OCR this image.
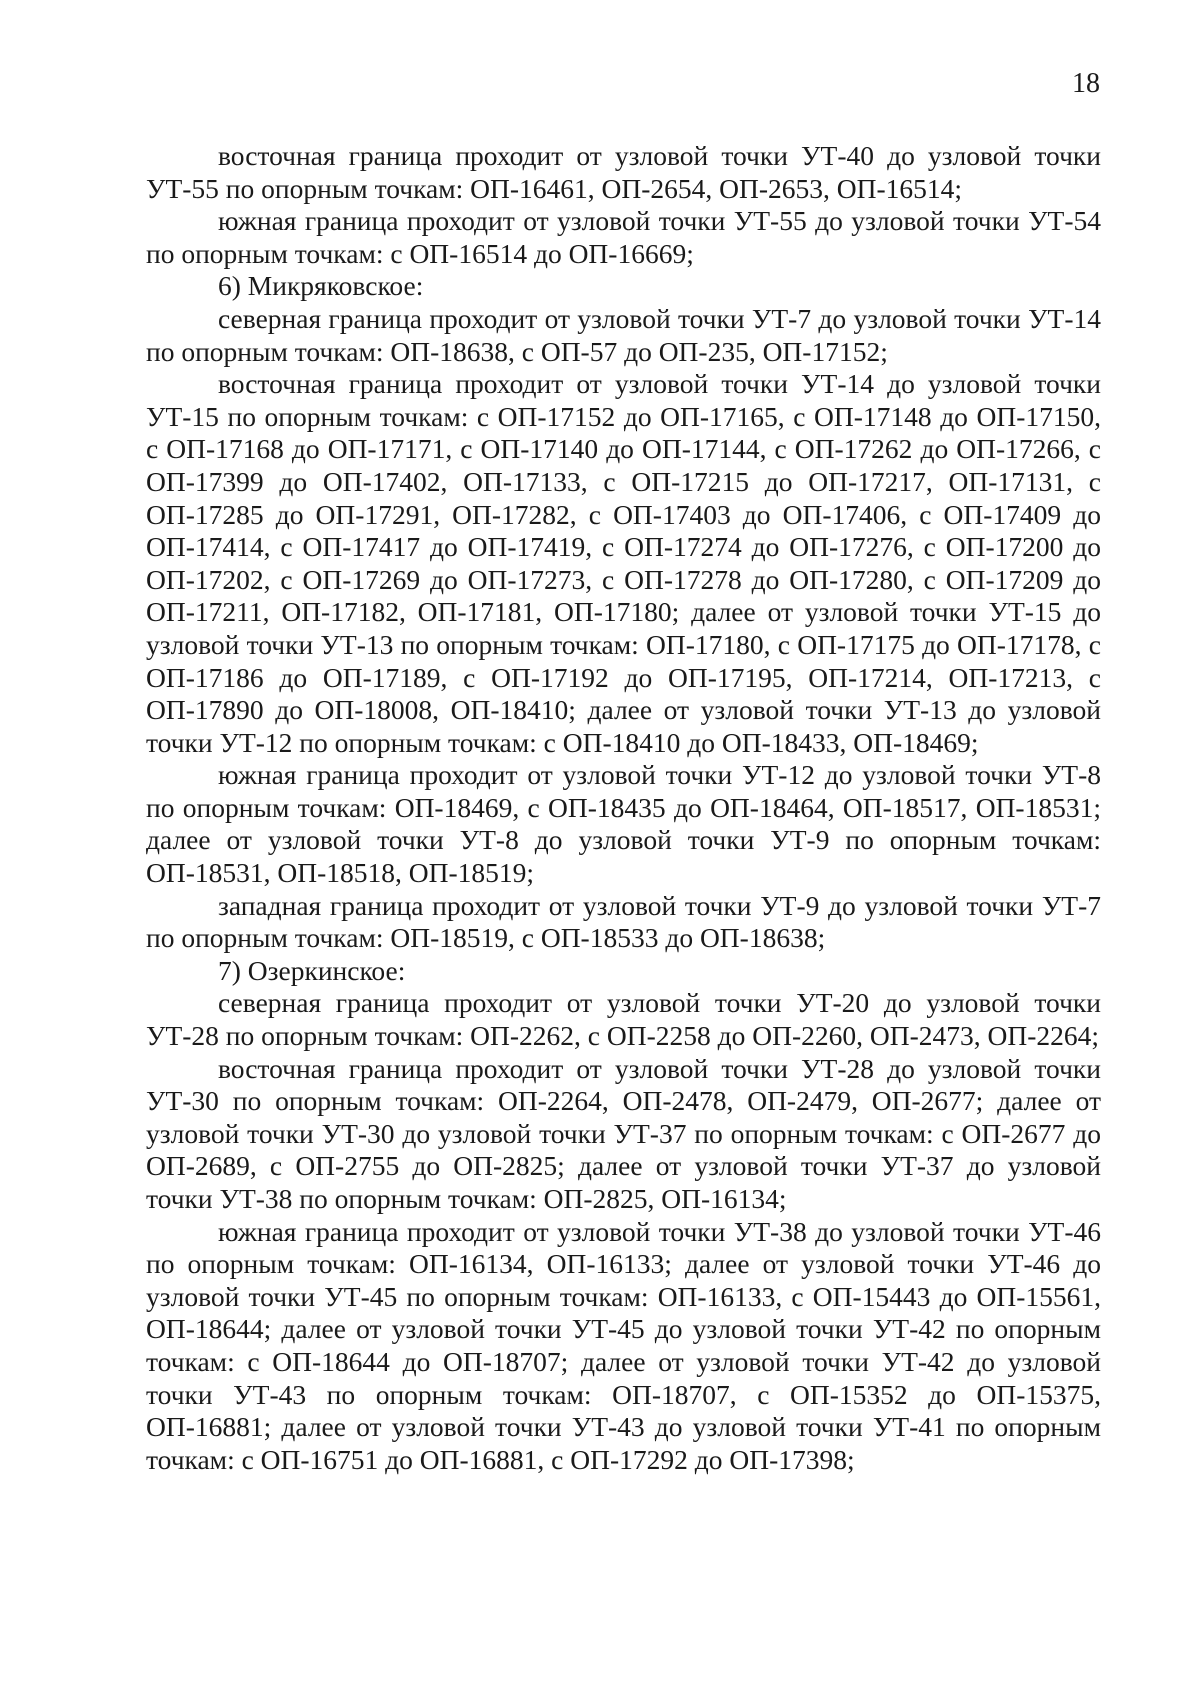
18

восточная граница проходит от узловой точки УТ-40 до узловой точки УТ-55 по опорным точкам: ОП-16461, ОП-2654, ОП-2653, ОП-16514;

южная граница проходит от узловой точки УТ-55 до узловой точки УТ-54 по опорным точкам: с ОП-16514 до ОП-16669;

6) Микряковское:

северная граница проходит от узловой точки УТ-7 до узловой точки УТ-14 по опорным точкам: ОП-18638, с ОП-57 до ОП-235, ОП-17152;

восточная граница проходит от узловой точки УТ-14 до узловой точки УТ-15 по опорным точкам: с ОП-17152 до ОП-17165, с ОП-17148 до ОП-17150, с ОП-17168 до ОП-17171, с ОП-17140 до ОП-17144, с ОП-17262 до ОП-17266, с ОП-17399 до ОП-17402, ОП-17133, с ОП-17215 до ОП-17217, ОП-17131, с ОП-17285 до ОП-17291, ОП-17282, с ОП-17403 до ОП-17406, с ОП-17409 до ОП-17414, с ОП-17417 до ОП-17419, с ОП-17274 до ОП-17276, с ОП-17200 до ОП-17202, с ОП-17269 до ОП-17273, с ОП-17278 до ОП-17280, с ОП-17209 до ОП-17211, ОП-17182, ОП-17181, ОП-17180; далее от узловой точки УТ-15 до узловой точки УТ-13 по опорным точкам: ОП-17180, с ОП-17175 до ОП-17178, с ОП-17186 до ОП-17189, с ОП-17192 до ОП-17195, ОП-17214, ОП-17213, с ОП-17890 до ОП-18008, ОП-18410; далее от узловой точки УТ-13 до узловой точки УТ-12 по опорным точкам: с ОП-18410 до ОП-18433, ОП-18469;

южная граница проходит от узловой точки УТ-12 до узловой точки УТ-8 по опорным точкам: ОП-18469, с ОП-18435 до ОП-18464, ОП-18517, ОП-18531; далее от узловой точки УТ-8 до узловой точки УТ-9 по опорным точкам: ОП-18531, ОП-18518, ОП-18519;

западная граница проходит от узловой точки УТ-9 до узловой точки УТ-7 по опорным точкам: ОП-18519, с ОП-18533 до ОП-18638;

7) Озеркинское:

северная граница проходит от узловой точки УТ-20 до узловой точки УТ-28 по опорным точкам: ОП-2262, с ОП-2258 до ОП-2260, ОП-2473, ОП-2264;

восточная граница проходит от узловой точки УТ-28 до узловой точки УТ-30 по опорным точкам: ОП-2264, ОП-2478, ОП-2479, ОП-2677; далее от узловой точки УТ-30 до узловой точки УТ-37 по опорным точкам: с ОП-2677 до ОП-2689, с ОП-2755 до ОП-2825; далее от узловой точки УТ-37 до узловой точки УТ-38 по опорным точкам: ОП-2825, ОП-16134;

южная граница проходит от узловой точки УТ-38 до узловой точки УТ-46 по опорным точкам: ОП-16134, ОП-16133; далее от узловой точки УТ-46 до узловой точки УТ-45 по опорным точкам: ОП-16133, с ОП-15443 до ОП-15561, ОП-18644; далее от узловой точки УТ-45 до узловой точки УТ-42 по опорным точкам: с ОП-18644 до ОП-18707; далее от узловой точки УТ-42 до узловой точки УТ-43 по опорным точкам: ОП-18707, с ОП-15352 до ОП-15375, ОП-16881; далее от узловой точки УТ-43 до узловой точки УТ-41 по опорным точкам: с ОП-16751 до ОП-16881, с ОП-17292 до ОП-17398;
